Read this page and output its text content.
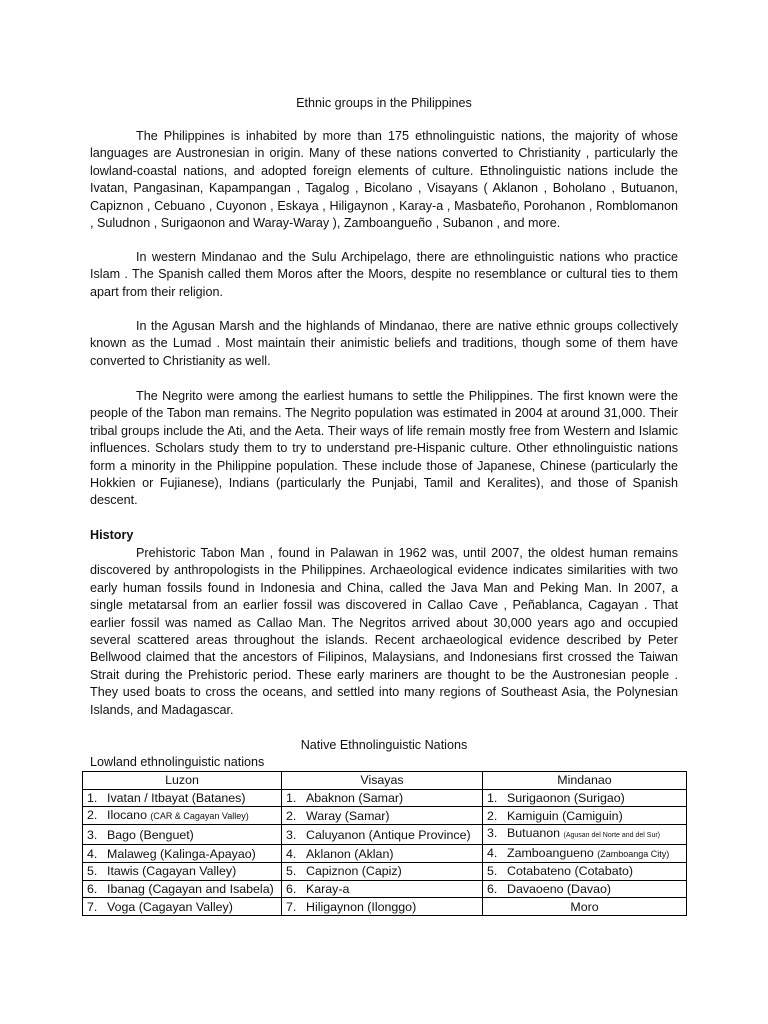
Ethnic groups in the Philippines

The Philippines is inhabited by more than 175 ethnolinguistic nations, the majority of whose languages are Austronesian in origin. Many of these nations converted to Christianity , particularly the lowland-coastal nations, and adopted foreign elements of culture. Ethnolinguistic nations include the Ivatan, Pangasinan, Kapampangan , Tagalog , Bicolano , Visayans ( Aklanon , Boholano , Butuanon, Capiznon , Cebuano , Cuyonon , Eskaya , Hiligaynon , Karay-a , Masbateño, Porohanon , Romblomanon , Suludnon , Surigaonon and Waray-Waray ), Zamboangueño , Subanon , and more.

In western Mindanao and the Sulu Archipelago, there are ethnolinguistic nations who practice Islam . The Spanish called them Moros after the Moors, despite no resemblance or cultural ties to them apart from their religion.

In the Agusan Marsh and the highlands of Mindanao, there are native ethnic groups collectively known as the Lumad . Most maintain their animistic beliefs and traditions, though some of them have converted to Christianity as well.

The Negrito were among the earliest humans to settle the Philippines. The first known were the people of the Tabon man remains. The Negrito population was estimated in 2004 at around 31,000. Their tribal groups include the Ati, and the Aeta. Their ways of life remain mostly free from Western and Islamic influences. Scholars study them to try to understand pre-Hispanic culture. Other ethnolinguistic nations form a minority in the Philippine population. These include those of Japanese, Chinese (particularly the Hokkien or Fujianese), Indians (particularly the Punjabi, Tamil and Keralites), and those of Spanish descent.

History

Prehistoric Tabon Man , found in Palawan in 1962 was, until 2007, the oldest human remains discovered by anthropologists in the Philippines. Archaeological evidence indicates similarities with two early human fossils found in Indonesia and China, called the Java Man and Peking Man. In 2007, a single metatarsal from an earlier fossil was discovered in Callao Cave , Peñablanca, Cagayan . That earlier fossil was named as Callao Man. The Negritos arrived about 30,000 years ago and occupied several scattered areas throughout the islands. Recent archaeological evidence described by Peter Bellwood claimed that the ancestors of Filipinos, Malaysians, and Indonesians first crossed the Taiwan Strait during the Prehistoric period. These early mariners are thought to be the Austronesian people . They used boats to cross the oceans, and settled into many regions of Southeast Asia, the Polynesian Islands, and Madagascar.

Native Ethnolinguistic Nations
Lowland ethnolinguistic nations
Luzon	Visayas	Mindanao
1. Ivatan / Itbayat (Batanes)	1. Abaknon (Samar)	1. Surigaonon (Surigao)
2. Ilocano (CAR & Cagayan Valley)	2. Waray (Samar)	2. Kamiguin (Camiguin)
3. Bago (Benguet)	3. Caluyanon (Antique Province)	3. Butuanon (Agusan del Norte and del Sur)
4. Malaweg (Kalinga-Apayao)	4. Aklanon (Aklan)	4. Zamboangueno (Zamboanga City)
5. Itawis (Cagayan Valley)	5. Capiznon (Capiz)	5. Cotabateno (Cotabato)
6. Ibanag (Cagayan and Isabela)	6. Karay-a	6. Davaoeno (Davao)
7. Voga (Cagayan Valley)	7. Hiligaynon (Ilonggo)	Moro
